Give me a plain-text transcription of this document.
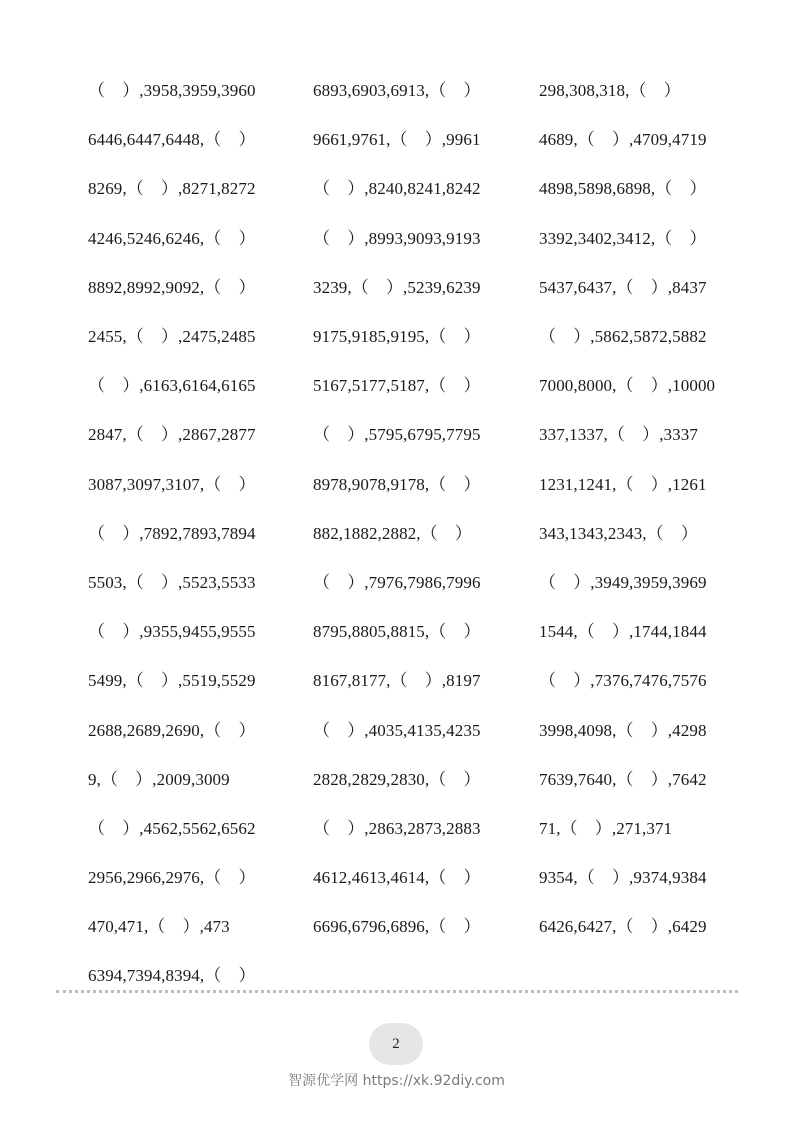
（　）,3958,3959,3960	6893,6903,6913,（　）	298,308,318,（　）
6446,6447,6448,（　）	9661,9761,（　）,9961	4689,（　）,4709,4719
8269,（　）,8271,8272	（　）,8240,8241,8242	4898,5898,6898,（　）
4246,5246,6246,（　）	（　）,8993,9093,9193	3392,3402,3412,（　）
8892,8992,9092,（　）	3239,（　）,5239,6239	5437,6437,（　）,8437
2455,（　）,2475,2485	9175,9185,9195,（　）	（　）,5862,5872,5882
（　）,6163,6164,6165	5167,5177,5187,（　）	7000,8000,（　）,10000
2847,（　）,2867,2877	（　）,5795,6795,7795	337,1337,（　）,3337
3087,3097,3107,（　）	8978,9078,9178,（　）	1231,1241,（　）,1261
（　）,7892,7893,7894	882,1882,2882,（　）	343,1343,2343,（　）
5503,（　）,5523,5533	（　）,7976,7986,7996	（　）,3949,3959,3969
（　）,9355,9455,9555	8795,8805,8815,（　）	1544,（　）,1744,1844
5499,（　）,5519,5529	8167,8177,（　）,8197	（　）,7376,7476,7576
2688,2689,2690,（　）	（　）,4035,4135,4235	3998,4098,（　）,4298
9,（　）,2009,3009	2828,2829,2830,（　）	7639,7640,（　）,7642
（　）,4562,5562,6562	（　）,2863,2873,2883	71,（　）,271,371
2956,2966,2976,（　）	4612,4613,4614,（　）	9354,（　）,9374,9384
470,471,（　）,473	6696,6796,6896,（　）	6426,6427,（　）,6429
6394,7394,8394,（　）
2
智源优学网 https://xk.92diy.com
